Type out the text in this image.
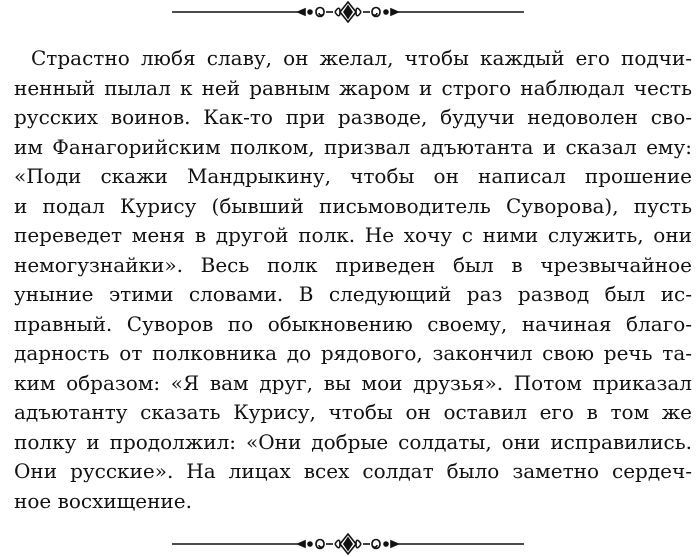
Страстно любя славу, он желал, чтобы каждый его подчи-
ненный пылал к ней равным жаром и строго наблюдал честь
русских воинов. Как-то при разводе, будучи недоволен сво-
им Фанагорийским полком, призвал адъютанта и сказал ему:
«Поди скажи Мандрыкину, чтобы он написал прошение
и подал Курису (бывший письмоводитель Суворова), пусть
переведет меня в другой полк. Не хочу с ними служить, они
немогузнайки». Весь полк приведен был в чрезвычайное
уныние этими словами. В следующий раз развод был ис-
правный. Суворов по обыкновению своему, начиная благо-
дарность от полковника до рядового, закончил свою речь та-
ким образом: «Я вам друг, вы мои друзья». Потом приказал
адъютанту сказать Курису, чтобы он оставил его в том же
полку и продолжил: «Они добрые солдаты, они исправились.
Они русские». На лицах всех солдат было заметно сердеч-
ное восхищение.
